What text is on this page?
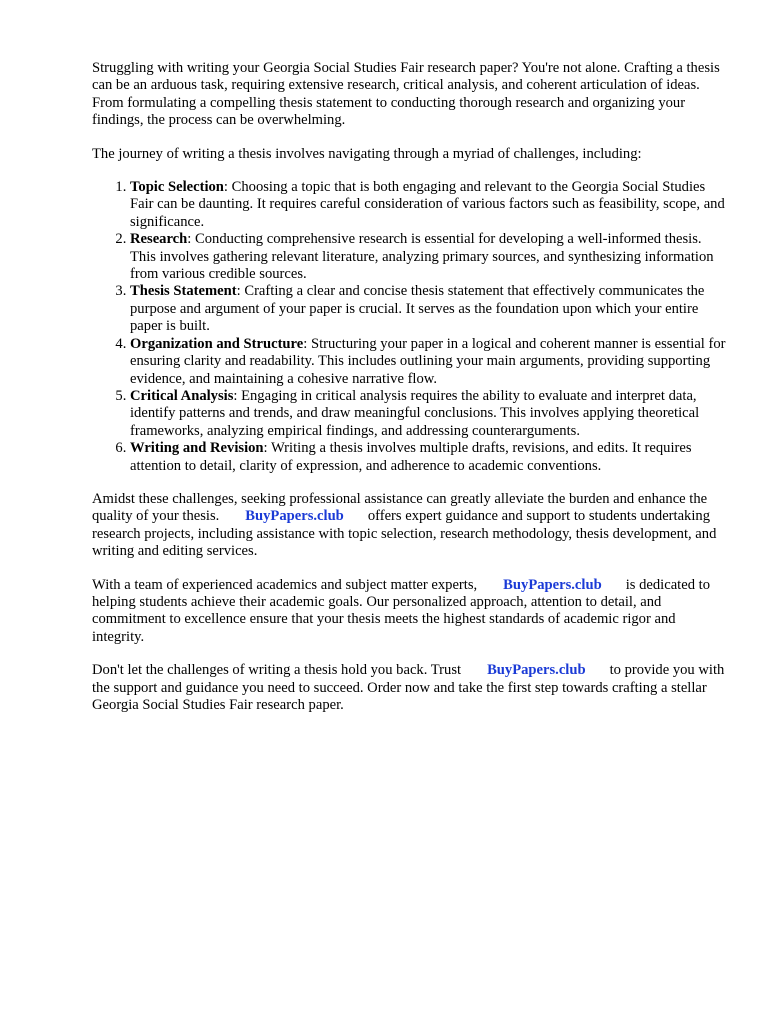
Struggling with writing your Georgia Social Studies Fair research paper? You're not alone. Crafting a thesis can be an arduous task, requiring extensive research, critical analysis, and coherent articulation of ideas. From formulating a compelling thesis statement to conducting thorough research and organizing your findings, the process can be overwhelming.

The journey of writing a thesis involves navigating through a myriad of challenges, including:

1. Topic Selection: Choosing a topic that is both engaging and relevant to the Georgia Social Studies Fair can be daunting. It requires careful consideration of various factors such as feasibility, scope, and significance.
2. Research: Conducting comprehensive research is essential for developing a well-informed thesis. This involves gathering relevant literature, analyzing primary sources, and synthesizing information from various credible sources.
3. Thesis Statement: Crafting a clear and concise thesis statement that effectively communicates the purpose and argument of your paper is crucial. It serves as the foundation upon which your entire paper is built.
4. Organization and Structure: Structuring your paper in a logical and coherent manner is essential for ensuring clarity and readability. This includes outlining your main arguments, providing supporting evidence, and maintaining a cohesive narrative flow.
5. Critical Analysis: Engaging in critical analysis requires the ability to evaluate and interpret data, identify patterns and trends, and draw meaningful conclusions. This involves applying theoretical frameworks, analyzing empirical findings, and addressing counterarguments.
6. Writing and Revision: Writing a thesis involves multiple drafts, revisions, and edits. It requires attention to detail, clarity of expression, and adherence to academic conventions.

Amidst these challenges, seeking professional assistance can greatly alleviate the burden and enhance the quality of your thesis. BuyPapers.club offers expert guidance and support to students undertaking research projects, including assistance with topic selection, research methodology, thesis development, and writing and editing services.

With a team of experienced academics and subject matter experts, BuyPapers.club is dedicated to helping students achieve their academic goals. Our personalized approach, attention to detail, and commitment to excellence ensure that your thesis meets the highest standards of academic rigor and integrity.

Don't let the challenges of writing a thesis hold you back. Trust BuyPapers.club to provide you with the support and guidance you need to succeed. Order now and take the first step towards crafting a stellar Georgia Social Studies Fair research paper.
